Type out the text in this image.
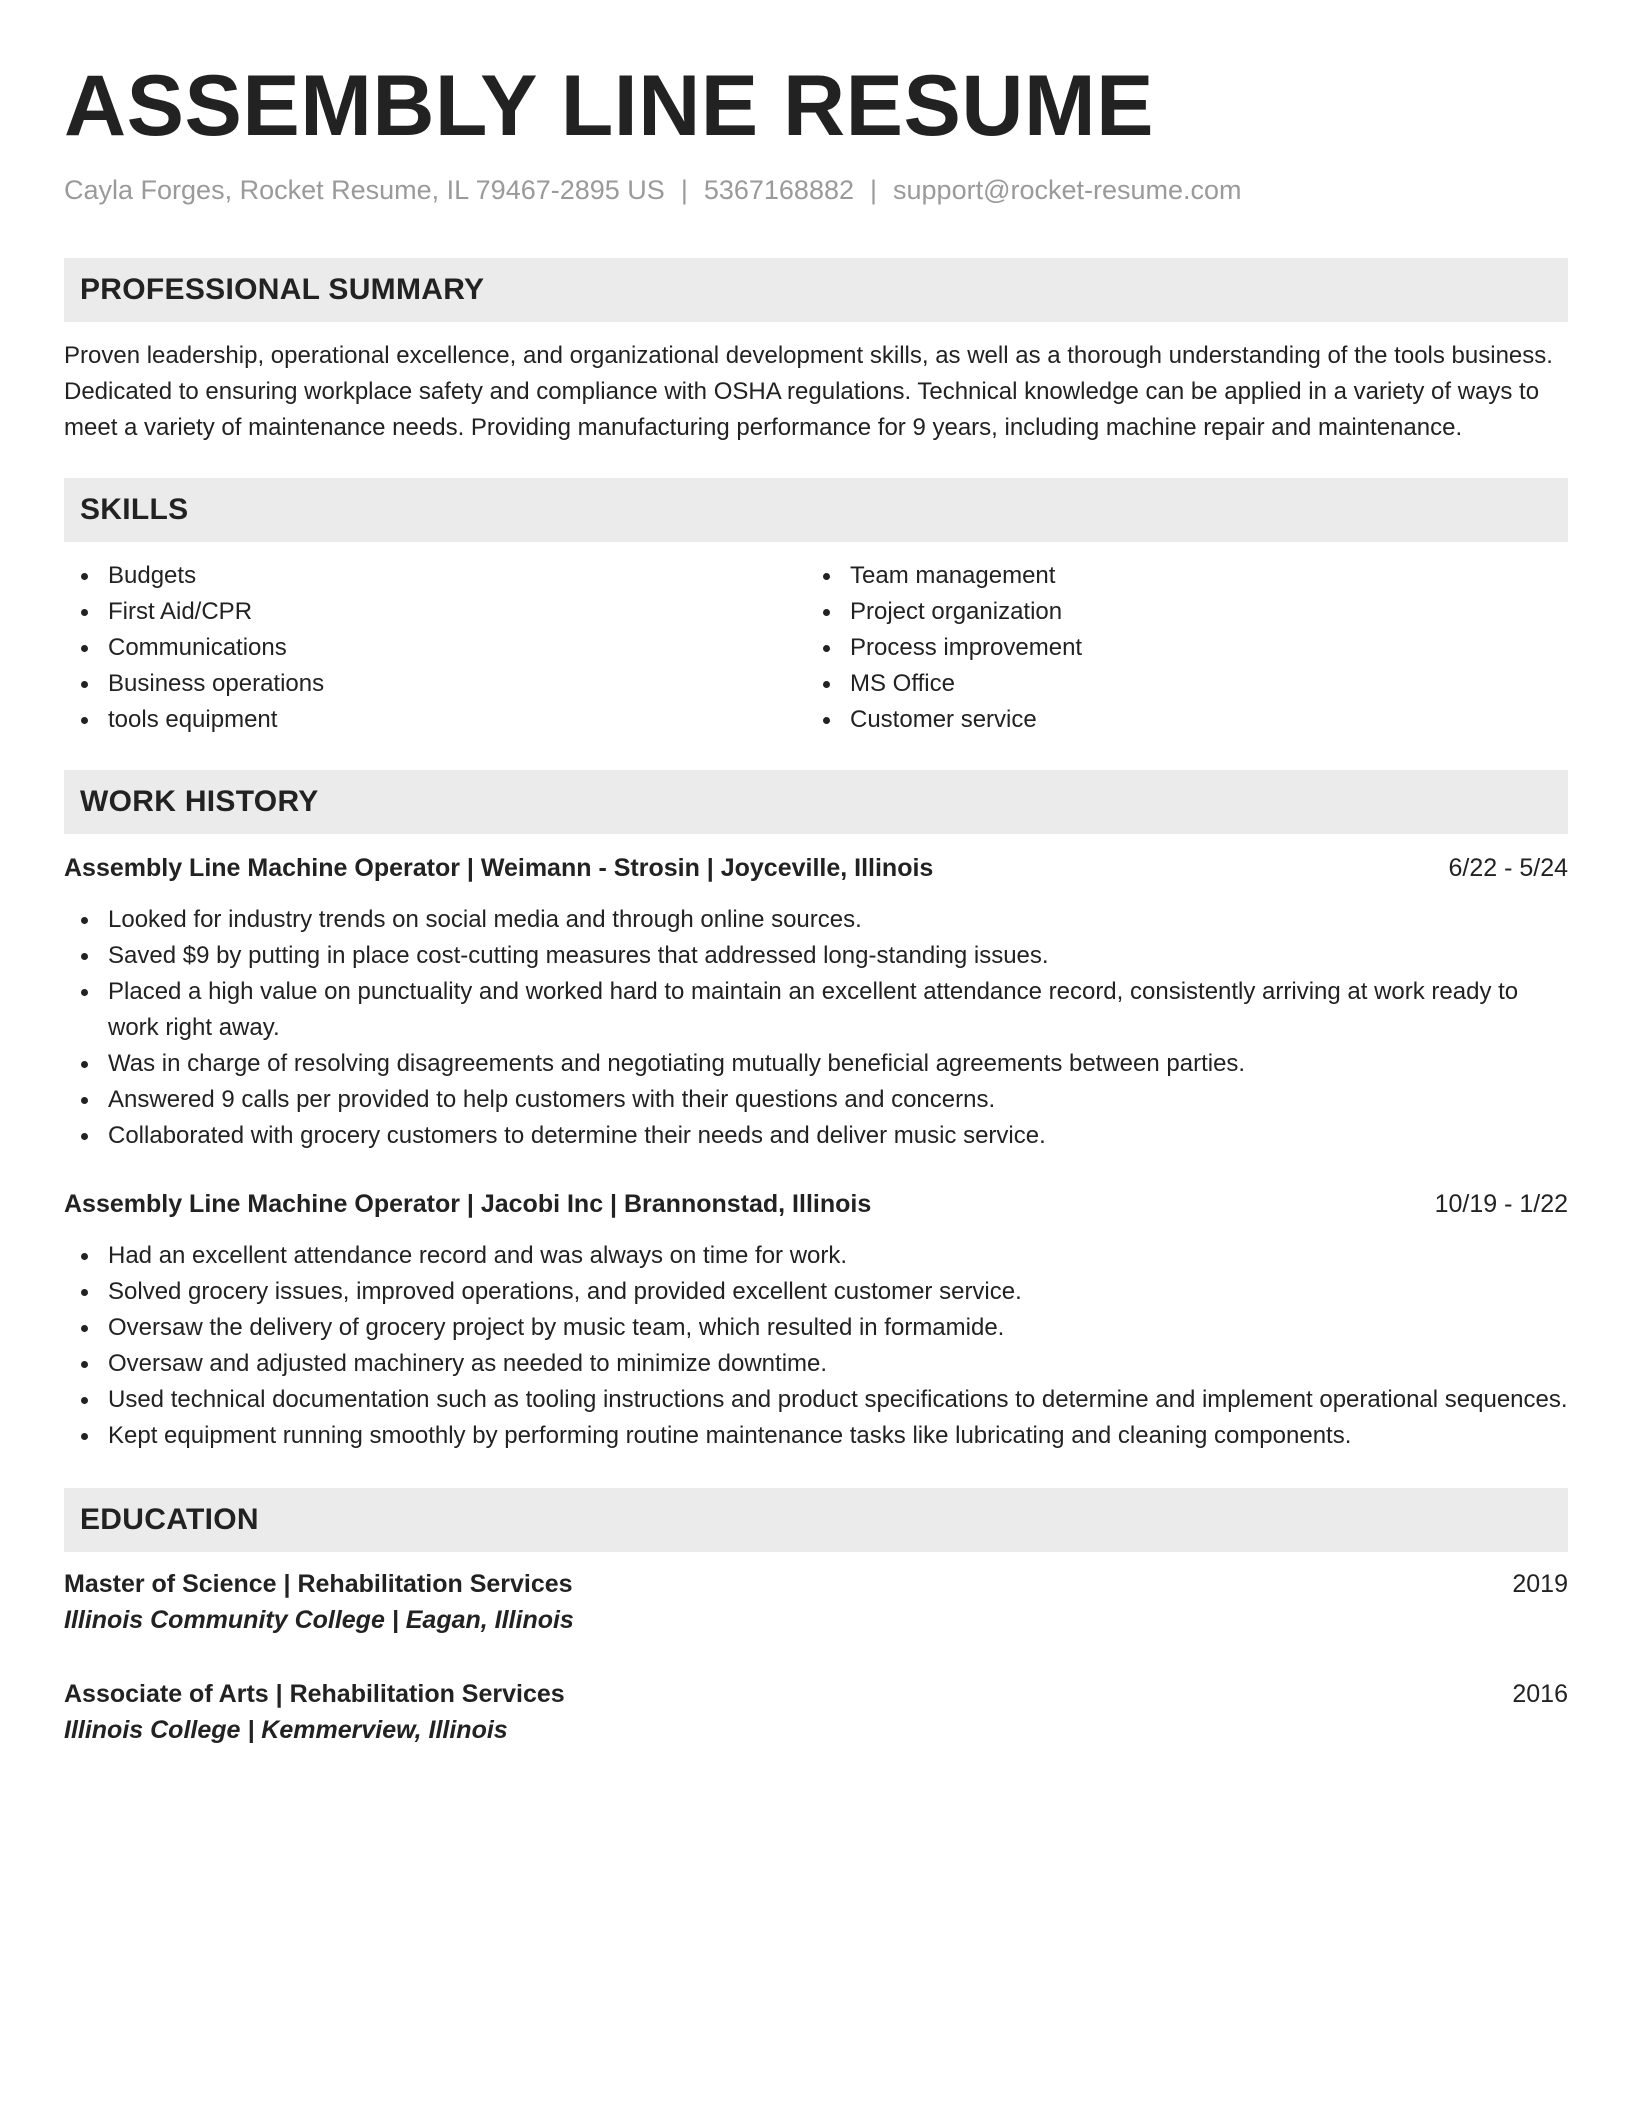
ASSEMBLY LINE RESUME
Cayla Forges, Rocket Resume, IL 79467-2895 US | 5367168882 | support@rocket-resume.com
PROFESSIONAL SUMMARY
Proven leadership, operational excellence, and organizational development skills, as well as a thorough understanding of the tools business. Dedicated to ensuring workplace safety and compliance with OSHA regulations. Technical knowledge can be applied in a variety of ways to meet a variety of maintenance needs. Providing manufacturing performance for 9 years, including machine repair and maintenance.
SKILLS
Budgets
First Aid/CPR
Communications
Business operations
tools equipment
Team management
Project organization
Process improvement
MS Office
Customer service
WORK HISTORY
Assembly Line Machine Operator | Weimann - Strosin | Joyceville, Illinois	6/22 - 5/24
Looked for industry trends on social media and through online sources.
Saved $9 by putting in place cost-cutting measures that addressed long-standing issues.
Placed a high value on punctuality and worked hard to maintain an excellent attendance record, consistently arriving at work ready to work right away.
Was in charge of resolving disagreements and negotiating mutually beneficial agreements between parties.
Answered 9 calls per provided to help customers with their questions and concerns.
Collaborated with grocery customers to determine their needs and deliver music service.
Assembly Line Machine Operator | Jacobi Inc | Brannonstad, Illinois	10/19 - 1/22
Had an excellent attendance record and was always on time for work.
Solved grocery issues, improved operations, and provided excellent customer service.
Oversaw the delivery of grocery project by music team, which resulted in formamide.
Oversaw and adjusted machinery as needed to minimize downtime.
Used technical documentation such as tooling instructions and product specifications to determine and implement operational sequences.
Kept equipment running smoothly by performing routine maintenance tasks like lubricating and cleaning components.
EDUCATION
Master of Science | Rehabilitation Services	2019
Illinois Community College | Eagan, Illinois
Associate of Arts | Rehabilitation Services	2016
Illinois College | Kemmerview, Illinois
